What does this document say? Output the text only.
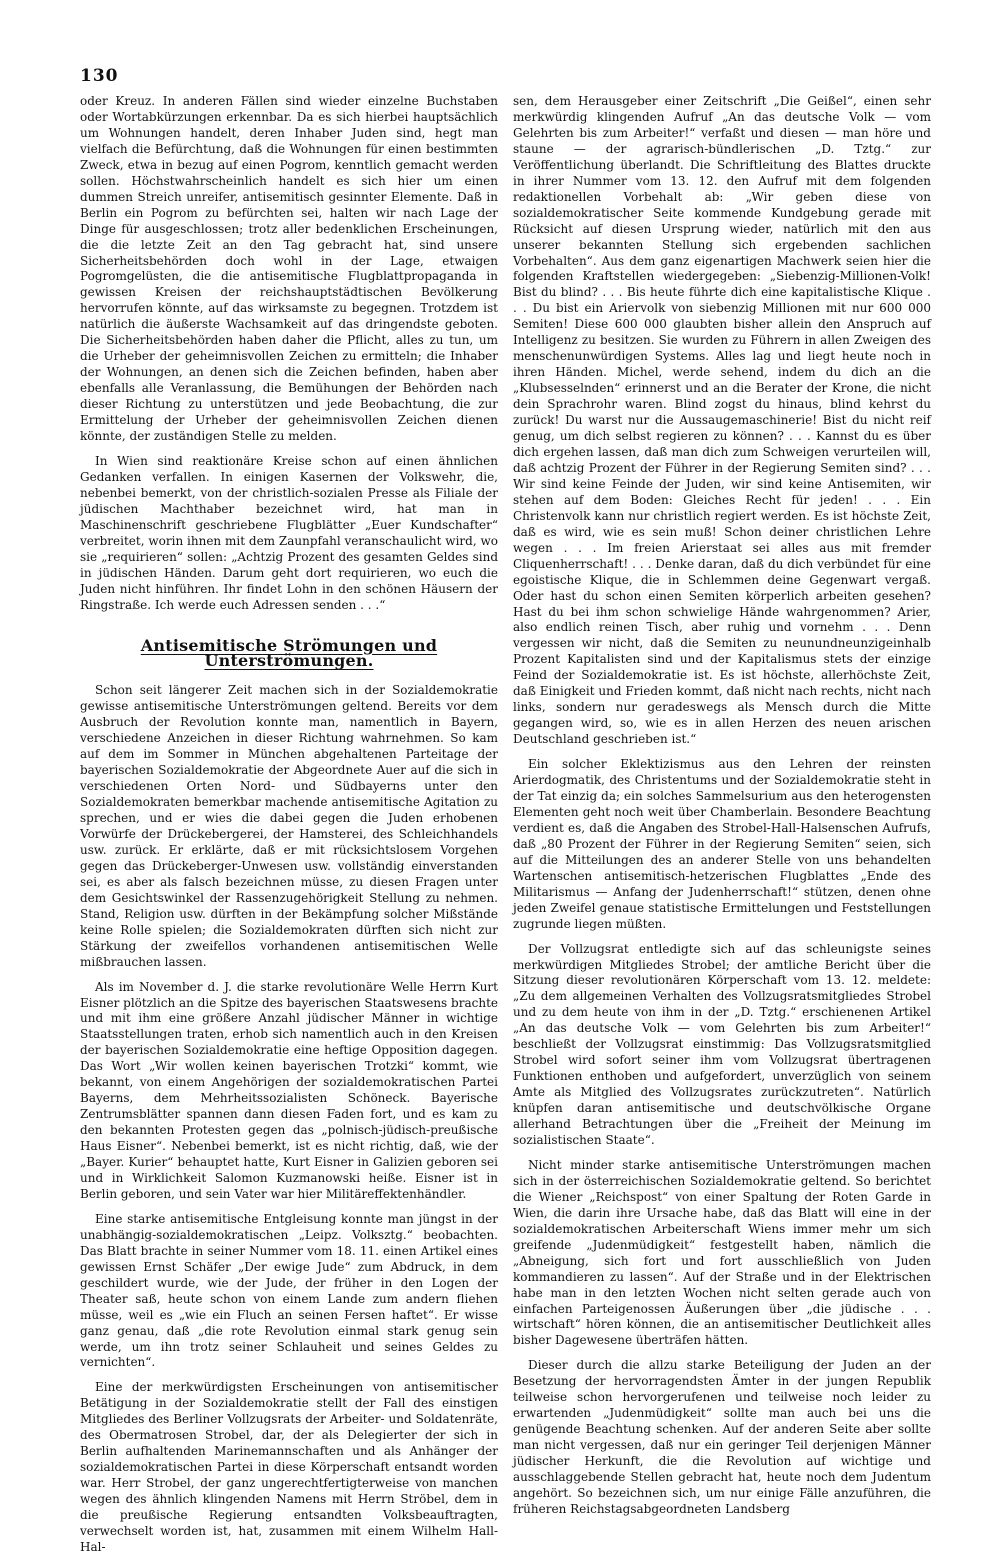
130

oder Kreuz. In anderen Fällen sind wieder einzelne Buchstaben oder Wortabkürzungen erkennbar. Da es sich hierbei hauptsächlich um Wohnungen handelt, deren Inhaber Juden sind, hegt man vielfach die Befürchtung, daß die Wohnungen für einen bestimmten Zweck, etwa in bezug auf einen Pogrom, kenntlich gemacht werden sollen. Höchstwahrscheinlich handelt es sich hier um einen dummen Streich unreifer, antisemitisch gesinnter Elemente. Daß in Berlin ein Pogrom zu befürchten sei, halten wir nach Lage der Dinge für ausgeschlossen; trotz aller bedenklichen Erscheinungen, die die letzte Zeit an den Tag gebracht hat, sind unsere Sicherheitsbehörden doch wohl in der Lage, etwaigen Pogromgelüsten, die die antisemitische Flugblattpropaganda in gewissen Kreisen der reichshauptstädtischen Bevölkerung hervorrufen könnte, auf das wirksamste zu begegnen. Trotzdem ist natürlich die äußerste Wachsamkeit auf das dringendste geboten. Die Sicherheitsbehörden haben daher die Pflicht, alles zu tun, um die Urheber der geheimnisvollen Zeichen zu ermitteln; die Inhaber der Wohnungen, an denen sich die Zeichen befinden, haben aber ebenfalls alle Veranlassung, die Bemühungen der Behörden nach dieser Richtung zu unterstützen und jede Beobachtung, die zur Ermittelung der Urheber der geheimnisvollen Zeichen dienen könnte, der zuständigen Stelle zu melden.

In Wien sind reaktionäre Kreise schon auf einen ähnlichen Gedanken verfallen. In einigen Kasernen der Volkswehr, die, nebenbei bemerkt, von der christlich-sozialen Presse als Filiale der jüdischen Machthaber bezeichnet wird, hat man in Maschinenschrift geschriebene Flugblätter „Euer Kundschafter“ verbreitet, worin ihnen mit dem Zaunpfahl veranschaulicht wird, wo sie „requirieren“ sollen: „Achtzig Prozent des gesamten Geldes sind in jüdischen Händen. Darum geht dort requirieren, wo euch die Juden nicht hinführen. Ihr findet Lohn in den schönen Häusern der Ringstraße. Ich werde euch Adressen senden . . .“

Antisemitische Strömungen und Unterströmungen.

Schon seit längerer Zeit machen sich in der Sozialdemokratie gewisse antisemitische Unterströmungen geltend. Bereits vor dem Ausbruch der Revolution konnte man, namentlich in Bayern, verschiedene Anzeichen in dieser Richtung wahrnehmen. So kam auf dem im Sommer in München abgehaltenen Parteitage der bayerischen Sozialdemokratie der Abgeordnete Auer auf die sich in verschiedenen Orten Nord- und Südbayerns unter den Sozialdemokraten bemerkbar machende antisemitische Agitation zu sprechen, und er wies die dabei gegen die Juden erhobenen Vorwürfe der Drückebergerei, der Hamsterei, des Schleichhandels usw. zurück. Er erklärte, daß er mit rücksichtslosem Vorgehen gegen das Drückeberger-Unwesen usw. vollständig einverstanden sei, es aber als falsch bezeichnen müsse, zu diesen Fragen unter dem Gesichtswinkel der Rassenzugehörigkeit Stellung zu nehmen. Stand, Religion usw. dürften in der Bekämpfung solcher Mißstände keine Rolle spielen; die Sozialdemokraten dürften sich nicht zur Stärkung der zweifellos vorhandenen antisemitischen Welle mißbrauchen lassen.

Als im November d. J. die starke revolutionäre Welle Herrn Kurt Eisner plötzlich an die Spitze des bayerischen Staatswesens brachte und mit ihm eine größere Anzahl jüdischer Männer in wichtige Staatsstellungen traten, erhob sich namentlich auch in den Kreisen der bayerischen Sozialdemokratie eine heftige Opposition dagegen. Das Wort „Wir wollen keinen bayerischen Trotzki“ kommt, wie bekannt, von einem Angehörigen der sozialdemokratischen Partei Bayerns, dem Mehrheitssozialisten Schöneck. Bayerische Zentrumsblätter spannen dann diesen Faden fort, und es kam zu den bekannten Protesten gegen das „polnisch-jüdisch-preußische Haus Eisner“. Nebenbei bemerkt, ist es nicht richtig, daß, wie der „Bayer. Kurier“ behauptet hatte, Kurt Eisner in Galizien geboren sei und in Wirklichkeit Salomon Kuzmanowski heiße. Eisner ist in Berlin geboren, und sein Vater war hier Militäreffektenhändler.

Eine starke antisemitische Entgleisung konnte man jüngst in der unabhängig-sozialdemokratischen „Leipz. Volksztg.“ beobachten. Das Blatt brachte in seiner Nummer vom 18. 11. einen Artikel eines gewissen Ernst Schäfer „Der ewige Jude“ zum Abdruck, in dem geschildert wurde, wie der Jude, der früher in den Logen der Theater saß, heute schon von einem Lande zum andern fliehen müsse, weil es „wie ein Fluch an seinen Fersen haftet“. Er wisse ganz genau, daß „die rote Revolution einmal stark genug sein werde, um ihn trotz seiner Schlauheit und seines Geldes zu vernichten“.

Eine der merkwürdigsten Erscheinungen von antisemitischer Betätigung in der Sozialdemokratie stellt der Fall des einstigen Mitgliedes des Berliner Vollzugsrats der Arbeiter- und Soldatenräte, des Obermatrosen Strobel, dar, der als Delegierter der sich in Berlin aufhaltenden Marinemannschaften und als Anhänger der sozialdemokratischen Partei in diese Körperschaft entsandt worden war. Herr Strobel, der ganz ungerechtfertigterweise von manchen wegen des ähnlich klingenden Namens mit Herrn Ströbel, dem in die preußische Regierung entsandten Volksbeauftragten, verwechselt worden ist, hat, zusammen mit einem Wilhelm Hall-Hal-

sen, dem Herausgeber einer Zeitschrift „Die Geißel“, einen sehr merkwürdig klingenden Aufruf „An das deutsche Volk — vom Gelehrten bis zum Arbeiter!“ verfaßt und diesen — man höre und staune — der agrarisch-bündlerischen „D. Tztg.“ zur Veröffentlichung überlandt. Die Schriftleitung des Blattes druckte in ihrer Nummer vom 13. 12. den Aufruf mit dem folgenden redaktionellen Vorbehalt ab: „Wir geben diese von sozialdemokratischer Seite kommende Kundgebung gerade mit Rücksicht auf diesen Ursprung wieder, natürlich mit den aus unserer bekannten Stellung sich ergebenden sachlichen Vorbehalten“. Aus dem ganz eigenartigen Machwerk seien hier die folgenden Kraftstellen wiedergegeben: „Siebenzig-Millionen-Volk! Bist du blind? . . . Bis heute führte dich eine kapitalistische Klique . . . Du bist ein Ariervolk von siebenzig Millionen mit nur 600 000 Semiten! Diese 600 000 glaubten bisher allein den Anspruch auf Intelligenz zu besitzen. Sie wurden zu Führern in allen Zweigen des menschenunwürdigen Systems. Alles lag und liegt heute noch in ihren Händen. Michel, werde sehend, indem du dich an die „Klubsesselnden“ erinnerst und an die Berater der Krone, die nicht dein Sprachrohr waren. Blind zogst du hinaus, blind kehrst du zurück! Du warst nur die Aussaugemaschinerie! Bist du nicht reif genug, um dich selbst regieren zu können? . . . Kannst du es über dich ergehen lassen, daß man dich zum Schweigen verurteilen will, daß achtzig Prozent der Führer in der Regierung Semiten sind? . . . Wir sind keine Feinde der Juden, wir sind keine Antisemiten, wir stehen auf dem Boden: Gleiches Recht für jeden! . . . Ein Christenvolk kann nur christlich regiert werden. Es ist höchste Zeit, daß es wird, wie es sein muß! Schon deiner christlichen Lehre wegen . . . Im freien Arierstaat sei alles aus mit fremder Cliquenherrschaft! . . . Denke daran, daß du dich verbündet für eine egoistische Klique, die in Schlemmen deine Gegenwart vergaß. Oder hast du schon einen Semiten körperlich arbeiten gesehen? Hast du bei ihm schon schwielige Hände wahrgenommen? Arier, also endlich reinen Tisch, aber ruhig und vornehm . . . Denn vergessen wir nicht, daß die Semiten zu neunundneunzigeinhalb Prozent Kapitalisten sind und der Kapitalismus stets der einzige Feind der Sozialdemokratie ist. Es ist höchste, allerhöchste Zeit, daß Einigkeit und Frieden kommt, daß nicht nach rechts, nicht nach links, sondern nur geradeswegs als Mensch durch die Mitte gegangen wird, so, wie es in allen Herzen des neuen arischen Deutschland geschrieben ist.“

Ein solcher Eklektizismus aus den Lehren der reinsten Arierdogmatik, des Christentums und der Sozialdemokratie steht in der Tat einzig da; ein solches Sammelsurium aus den heterogensten Elementen geht noch weit über Chamberlain. Besondere Beachtung verdient es, daß die Angaben des Strobel-Hall-Halsenschen Aufrufs, daß „80 Prozent der Führer in der Regierung Semiten“ seien, sich auf die Mitteilungen des an anderer Stelle von uns behandelten Wartenschen antisemitisch-hetzerischen Flugblattes „Ende des Militarismus — Anfang der Judenherrschaft!“ stützen, denen ohne jeden Zweifel genaue statistische Ermittelungen und Feststellungen zugrunde liegen müßten.

Der Vollzugsrat entledigte sich auf das schleunigste seines merkwürdigen Mitgliedes Strobel; der amtliche Bericht über die Sitzung dieser revolutionären Körperschaft vom 13. 12. meldete: „Zu dem allgemeinen Verhalten des Vollzugsratsmitgliedes Strobel und zu dem heute von ihm in der „D. Tztg.“ erschienenen Artikel „An das deutsche Volk — vom Gelehrten bis zum Arbeiter!“ beschließt der Vollzugsrat einstimmig: Das Vollzugsratsmitglied Strobel wird sofort seiner ihm vom Vollzugsrat übertragenen Funktionen enthoben und aufgefordert, unverzüglich von seinem Amte als Mitglied des Vollzugsrates zurückzutreten“. Natürlich knüpfen daran antisemitische und deutschvölkische Organe allerhand Betrachtungen über die „Freiheit der Meinung im sozialistischen Staate“.

Nicht minder starke antisemitische Unterströmungen machen sich in der österreichischen Sozialdemokratie geltend. So berichtet die Wiener „Reichspost“ von einer Spaltung der Roten Garde in Wien, die darin ihre Ursache habe, daß das Blatt will eine in der sozialdemokratischen Arbeiterschaft Wiens immer mehr um sich greifende „Judenmüdigkeit“ festgestellt haben, nämlich die „Abneigung, sich fort und fort ausschließlich von Juden kommandieren zu lassen“. Auf der Straße und in der Elektrischen habe man in den letzten Wochen nicht selten gerade auch von einfachen Parteigenossen Äußerungen über „die jüdische . . . wirtschaft“ hören können, die an antisemitischer Deutlichkeit alles bisher Dagewesene überträfen hätten.

Dieser durch die allzu starke Beteiligung der Juden an der Besetzung der hervorragendsten Ämter in der jungen Republik teilweise schon hervorgerufenen und teilweise noch leider zu erwartenden „Judenmüdigkeit“ sollte man auch bei uns die genügende Beachtung schenken. Auf der anderen Seite aber sollte man nicht vergessen, daß nur ein geringer Teil derjenigen Männer jüdischer Herkunft, die die Revolution auf wichtige und ausschlaggebende Stellen gebracht hat, heute noch dem Judentum angehört. So bezeichnen sich, um nur einige Fälle anzuführen, die früheren Reichstagsabgeordneten Landsberg
